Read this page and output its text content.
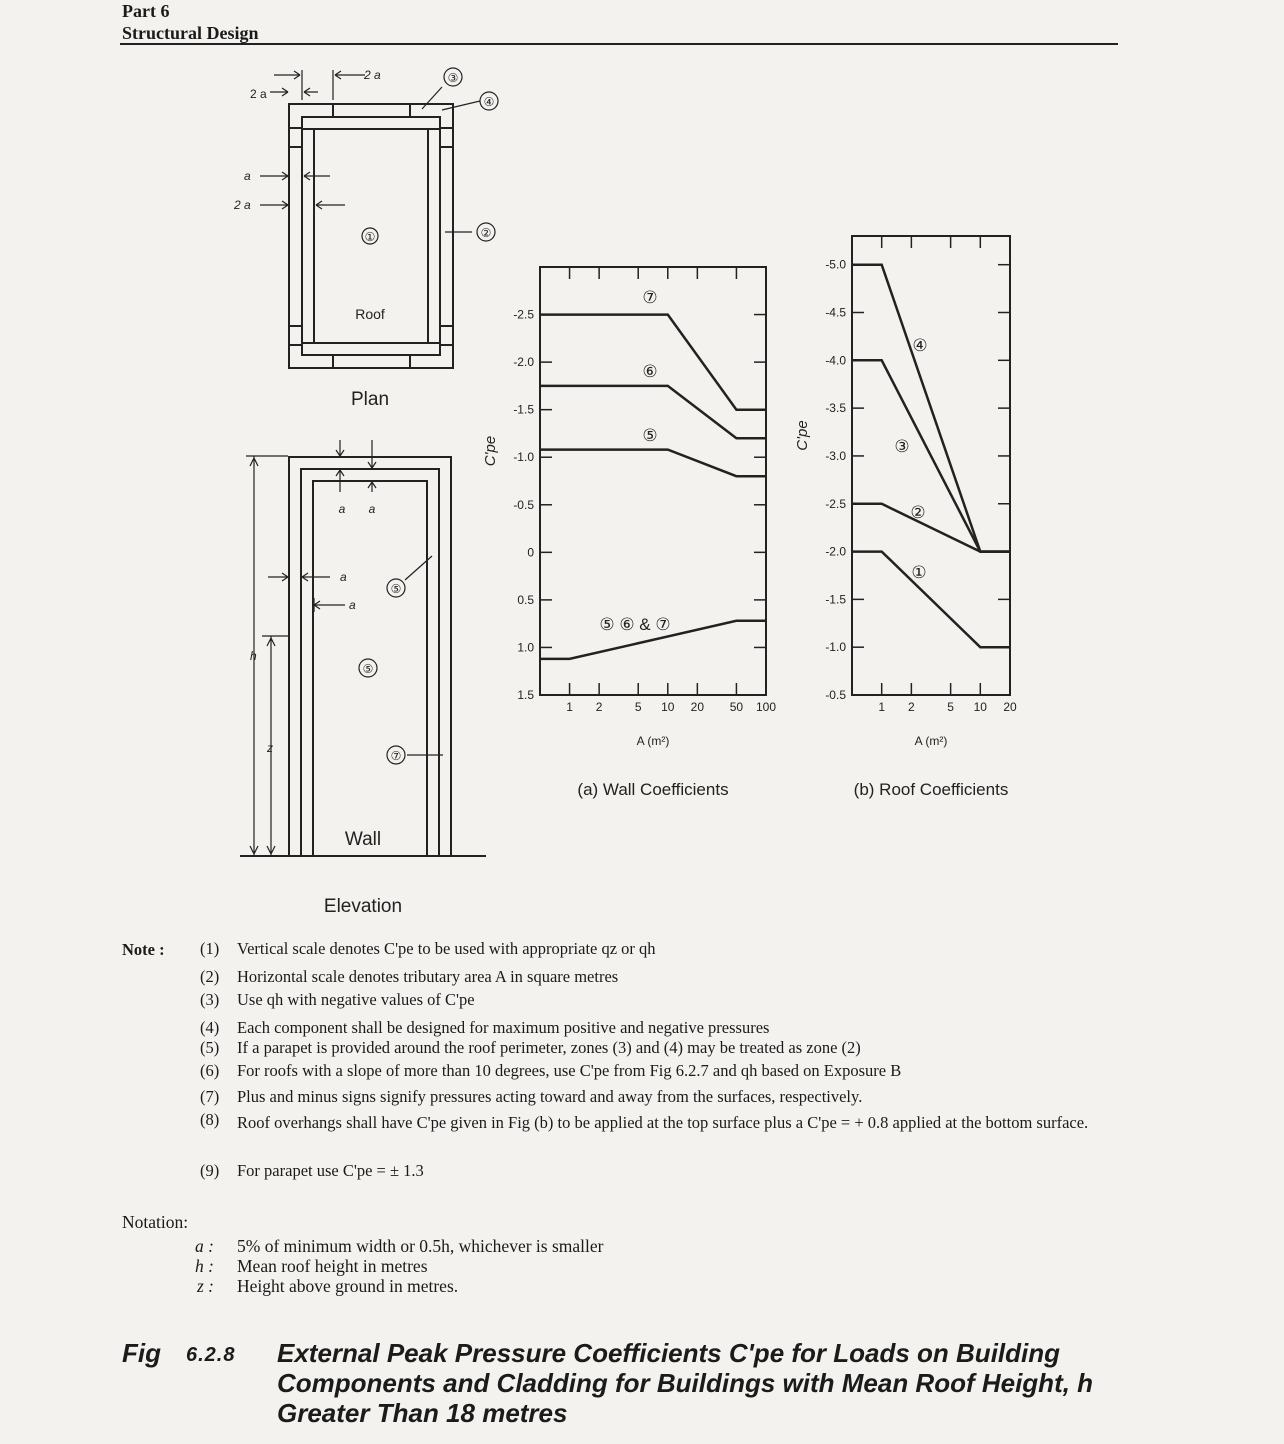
Part 6
Structural Design
2 a
2 a
a
2 a
①
③
④
②
Roof
Plan
a a
a
a
h
z
⑤
⑤
⑦
Wall
Elevation
1 2	5 10 20 50 100
-2.5
-2.0
-1.5
-1.0
-0.5
0
0.5
1.0
1.5
⑦
⑥
⑤
⑤ ⑥ & ⑦
A (m²)
C'pe
(a) Wall Coefficients
1 2	5 10 20
-5.0
-4.5
-4.0
-3.5
-3.0
-2.5
-2.0
-1.5
-1.0
-0.5
④
③
②
①
A (m²)
C'pe
(b) Roof Coefficients
Note : (1) Vertical scale denotes C'pe to be used with appropriate qz or qh
(2) Horizontal scale denotes tributary area A in square metres
(3) Use qh with negative values of C'pe
(4) Each component shall be designed for maximum positive and negative pressures
(5) If a parapet is provided around the roof perimeter, zones (3) and (4) may be treated as zone (2)
(6) For roofs with a slope of more than 10 degrees, use C'pe from Fig 6.2.7 and qh based on Exposure B
(7) Plus and minus signs signify pressures acting toward and away from the surfaces, respectively.
(8) Roof overhangs shall have C'pe given in Fig (b) to be applied at the top surface plus a C'pe = + 0.8 applied at the bottom surface.
(9) For parapet use C'pe = ± 1.3
Notation:
a : 5% of minimum width or 0.5h, whichever is smaller
h : Mean roof height in metres
z : Height above ground in metres.
Fig 6.2.8 External Peak Pressure Coefficients C'pe for Loads on Building Components and Cladding for Buildings with Mean Roof Height, h Greater Than 18 metres
